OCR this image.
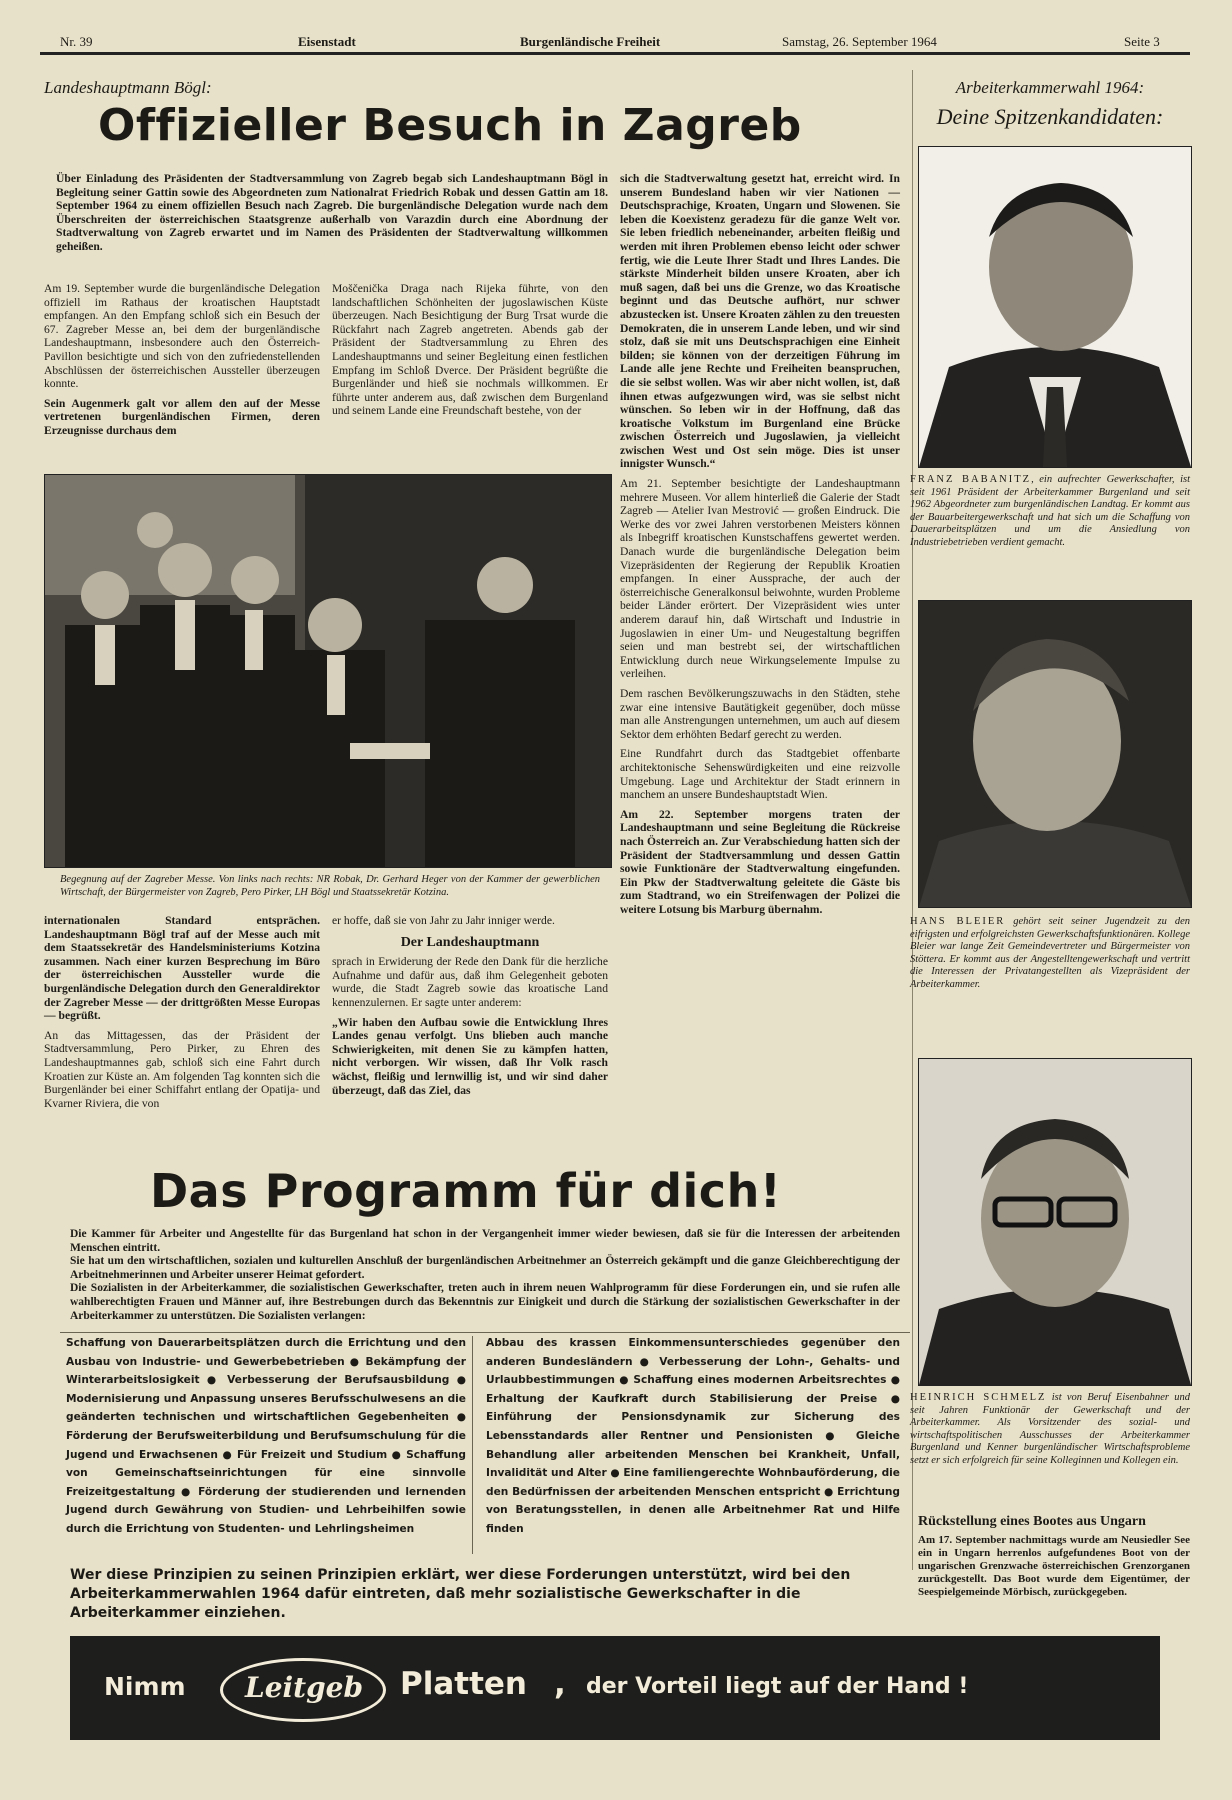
Nr. 39	Eisenstadt	Burgenländische Freiheit	Samstag, 26. September 1964	Seite 3
Landeshauptmann Bögl:
Offizieller Besuch in Zagreb
Über Einladung des Präsidenten der Stadtversammlung von Zagreb begab sich Landeshauptmann Bögl in Begleitung seiner Gattin sowie des Abgeordneten zum Nationalrat Friedrich Robak und dessen Gattin am 18. September 1964 zu einem offiziellen Besuch nach Zagreb. Die burgenländische Delegation wurde nach dem Überschreiten der österreichischen Staatsgrenze außerhalb von Varazdin durch eine Abordnung der Stadtverwaltung von Zagreb erwartet und im Namen des Präsidenten der Stadtverwaltung willkommen geheißen.

Am 19. September wurde die burgenländische Delegation offiziell im Rathaus der kroatischen Hauptstadt empfangen. An den Empfang schloß sich ein Besuch der 67. Zagreber Messe an, bei dem der burgenländische Landeshauptmann, insbesondere auch den Österreich-Pavillon besichtigte und sich von den zufriedenstellenden Abschlüssen der österreichischen Aussteller überzeugen konnte.

Sein Augenmerk galt vor allem den auf der Messe vertretenen burgenländischen Firmen, deren Erzeugnisse durchaus dem

Moščenička Draga nach Rijeka führte, von den landschaftlichen Schönheiten der jugoslawischen Küste überzeugen. Nach Besichtigung der Burg Trsat wurde die Rückfahrt nach Zagreb angetreten. Abends gab der Präsident der Stadtversammlung zu Ehren des Landeshauptmanns und seiner Begleitung einen festlichen Empfang im Schloß Dverce. Der Präsident begrüßte die Burgenländer und hieß sie nochmals willkommen. Er führte unter anderem aus, daß zwischen dem Burgenland und seinem Lande eine Freundschaft bestehe, von der

Begegnung auf der Zagreber Messe. Von links nach rechts: NR Robak, Dr. Gerhard Heger von der Kammer der gewerblichen Wirtschaft, der Bürgermeister von Zagreb, Pero Pirker, LH Bögl und Staatssekretär Kotzina.

internationalen Standard entsprächen. Landeshauptmann Bögl traf auf der Messe auch mit dem Staatssekretär des Handelsministeriums Kotzina zusammen. Nach einer kurzen Besprechung im Büro der österreichischen Aussteller wurde die burgenländische Delegation durch den Generaldirektor der Zagreber Messe — der drittgrößten Messe Europas — begrüßt.

An das Mittagessen, das der Präsident der Stadtversammlung, Pero Pirker, zu Ehren des Landeshauptmannes gab, schloß sich eine Fahrt durch Kroatien zur Küste an. Am folgenden Tag konnten sich die Burgenländer bei einer Schiffahrt entlang der Opatija- und Kvarner Riviera, die von

er hoffe, daß sie von Jahr zu Jahr inniger werde.

Der Landeshauptmann

sprach in Erwiderung der Rede den Dank für die herzliche Aufnahme und dafür aus, daß ihm Gelegenheit geboten wurde, die Stadt Zagreb sowie das kroatische Land kennenzulernen. Er sagte unter anderem:

„Wir haben den Aufbau sowie die Entwicklung Ihres Landes genau verfolgt. Uns blieben auch manche Schwierigkeiten, mit denen Sie zu kämpfen hatten, nicht verborgen. Wir wissen, daß Ihr Volk rasch wächst, fleißig und lernwillig ist, und wir sind daher überzeugt, daß das Ziel, das

sich die Stadtverwaltung gesetzt hat, erreicht wird. In unserem Bundesland haben wir vier Nationen — Deutschsprachige, Kroaten, Ungarn und Slowenen. Sie leben die Koexistenz geradezu für die ganze Welt vor. Sie leben friedlich nebeneinander, arbeiten fleißig und werden mit ihren Problemen ebenso leicht oder schwer fertig, wie die Leute Ihrer Stadt und Ihres Landes. Die stärkste Minderheit bilden unsere Kroaten, aber ich muß sagen, daß bei uns die Grenze, wo das Kroatische beginnt und das Deutsche aufhört, nur schwer abzustecken ist. Unsere Kroaten zählen zu den treuesten Demokraten, die in unserem Lande leben, und wir sind stolz, daß sie mit uns Deutschsprachigen eine Einheit bilden; sie können von der derzeitigen Führung im Lande alle jene Rechte und Freiheiten beanspruchen, die sie selbst wollen. Was wir aber nicht wollen, ist, daß ihnen etwas aufgezwungen wird, was sie selbst nicht wünschen. So leben wir in der Hoffnung, daß das kroatische Volkstum im Burgenland eine Brücke zwischen Österreich und Jugoslawien, ja vielleicht zwischen West und Ost sein möge. Dies ist unser innigster Wunsch.“

Am 21. September besichtigte der Landeshauptmann mehrere Museen. Vor allem hinterließ die Galerie der Stadt Zagreb — Atelier Ivan Mestrović — großen Eindruck. Die Werke des vor zwei Jahren verstorbenen Meisters können als Inbegriff kroatischen Kunstschaffens gewertet werden. Danach wurde die burgenländische Delegation beim Vizepräsidenten der Regierung der Republik Kroatien empfangen. In einer Aussprache, der auch der österreichische Generalkonsul beiwohnte, wurden Probleme beider Länder erörtert. Der Vizepräsident wies unter anderem darauf hin, daß Wirtschaft und Industrie in Jugoslawien in einer Um- und Neugestaltung begriffen seien und man bestrebt sei, der wirtschaftlichen Entwicklung durch neue Wirkungselemente Impulse zu verleihen.

Dem raschen Bevölkerungszuwachs in den Städten, stehe zwar eine intensive Bautätigkeit gegenüber, doch müsse man alle Anstrengungen unternehmen, um auch auf diesem Sektor dem erhöhten Bedarf gerecht zu werden.

Eine Rundfahrt durch das Stadtgebiet offenbarte architektonische Sehenswürdigkeiten und eine reizvolle Umgebung. Lage und Architektur der Stadt erinnern in manchem an unsere Bundeshauptstadt Wien.

Am 22. September morgens traten der Landeshauptmann und seine Begleitung die Rückreise nach Österreich an. Zur Verabschiedung hatten sich der Präsident der Stadtversammlung und dessen Gattin sowie Funktionäre der Stadtverwaltung eingefunden. Ein Pkw der Stadtverwaltung geleitete die Gäste bis zum Stadtrand, wo ein Streifenwagen der Polizei die weitere Lotsung bis Marburg übernahm.

Arbeiterkammerwahl 1964:
Deine Spitzenkandidaten:
FRANZ BABANITZ, ein aufrechter Gewerkschafter, ist seit 1961 Präsident der Arbeiterkammer Burgenland und seit 1962 Abgeordneter zum burgenländischen Landtag. Er kommt aus der Bauarbeitergewerkschaft und hat sich um die Schaffung von Dauerarbeitsplätzen und um die Ansiedlung von Industriebetrieben verdient gemacht.
HANS BLEIER gehört seit seiner Jugendzeit zu den eifrigsten und erfolgreichsten Gewerkschaftsfunktionären. Kollege Bleier war lange Zeit Gemeindevertreter und Bürgermeister von Stöttera. Er kommt aus der Angestelltengewerkschaft und vertritt die Interessen der Privatangestellten als Vizepräsident der Arbeiterkammer.
HEINRICH SCHMELZ ist von Beruf Eisenbahner und seit Jahren Funktionär der Gewerkschaft und der Arbeiterkammer. Als Vorsitzender des sozial- und wirtschaftspolitischen Ausschusses der Arbeiterkammer Burgenland und Kenner burgenländischer Wirtschaftsprobleme setzt er sich erfolgreich für seine Kolleginnen und Kollegen ein.
Rückstellung eines Bootes aus Ungarn
Am 17. September nachmittags wurde am Neusiedler See ein in Ungarn herrenlos aufgefundenes Boot von der ungarischen Grenzwache österreichischen Grenzorganen zurückgestellt. Das Boot wurde dem Eigentümer, der Seespielgemeinde Mörbisch, zurückgegeben.
Das Programm für dich!
Die Kammer für Arbeiter und Angestellte für das Burgenland hat schon in der Vergangenheit immer wieder bewiesen, daß sie für die Interessen der arbeitenden Menschen eintritt.
Sie hat um den wirtschaftlichen, sozialen und kulturellen Anschluß der burgenländischen Arbeitnehmer an Österreich gekämpft und die ganze Gleichberechtigung der Arbeitnehmerinnen und Arbeiter unserer Heimat gefordert.
Die Sozialisten in der Arbeiterkammer, die sozialistischen Gewerkschafter, treten auch in ihrem neuen Wahlprogramm für diese Forderungen ein, und sie rufen alle wahlberechtigten Frauen und Männer auf, ihre Bestrebungen durch das Bekenntnis zur Einigkeit und durch die Stärkung der sozialistischen Gewerkschafter in der Arbeiterkammer zu unterstützen. Die Sozialisten verlangen:
Schaffung von Dauerarbeitsplätzen durch die Errichtung und den Ausbau von Industrie- und Gewerbebetrieben ● Bekämpfung der Winterarbeitslosigkeit ● Verbesserung der Berufsausbildung ● Modernisierung und Anpassung unseres Berufsschulwesens an die geänderten technischen und wirtschaftlichen Gegebenheiten ● Förderung der Berufsweiterbildung und Berufsumschulung für die Jugend und Erwachsenen ● Für Freizeit und Studium ● Schaffung von Gemeinschaftseinrichtungen für eine sinnvolle Freizeitgestaltung ● Förderung der studierenden und lernenden Jugend durch Gewährung von Studien- und Lehrbeihilfen sowie durch die Errichtung von Studenten- und Lehrlingsheimen
Abbau des krassen Einkommensunterschiedes gegenüber den anderen Bundesländern ● Verbesserung der Lohn-, Gehalts- und Urlaubbestimmungen ● Schaffung eines modernen Arbeitsrechtes ● Erhaltung der Kaufkraft durch Stabilisierung der Preise ● Einführung der Pensionsdynamik zur Sicherung des Lebensstandards aller Rentner und Pensionisten ● Gleiche Behandlung aller arbeitenden Menschen bei Krankheit, Unfall, Invalidität und Alter ● Eine familiengerechte Wohnbauförderung, die den Bedürfnissen der arbeitenden Menschen entspricht ● Errichtung von Beratungsstellen, in denen alle Arbeitnehmer Rat und Hilfe finden
Wer diese Prinzipien zu seinen Prinzipien erklärt, wer diese Forderungen unterstützt, wird bei den Arbeiterkammerwahlen 1964 dafür eintreten, daß mehr sozialistische Gewerkschafter in die Arbeiterkammer einziehen.
Nimm Leitgeb Platten , der Vorteil liegt auf der Hand !
